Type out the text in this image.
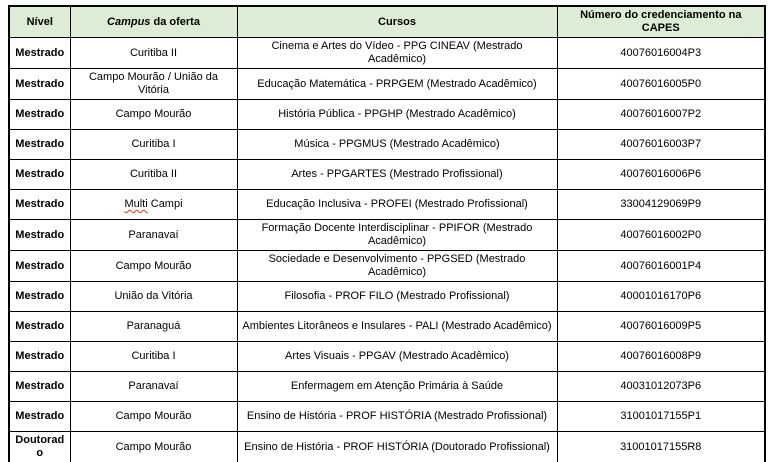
Nível	Campus da oferta	Cursos	Número do credenciamento na CAPES
Mestrado	Curitiba II	Cinema e Artes do Vídeo - PPG CINEAV (Mestrado Acadêmico)	40076016004P3
Mestrado	Campo Mourão / União da Vitória	Educação Matemática - PRPGEM (Mestrado Acadêmico)	40076016005P0
Mestrado	Campo Mourão	História Pública - PPGHP (Mestrado Acadêmico)	40076016007P2
Mestrado	Curitiba I	Música - PPGMUS (Mestrado Acadêmico)	40076016003P7
Mestrado	Curitiba II	Artes - PPGARTES (Mestrado Profissional)	40076016006P6
Mestrado	Multi Campi	Educação Inclusiva - PROFEI (Mestrado Profissional)	33004129069P9
Mestrado	Paranavaí	Formação Docente Interdisciplinar - PPIFOR (Mestrado Acadêmico)	40076016002P0
Mestrado	Campo Mourão	Sociedade e Desenvolvimento - PPGSED (Mestrado Acadêmico)	40076016001P4
Mestrado	União da Vitória	Filosofia - PROF FILO (Mestrado Profissional)	40001016170P6
Mestrado	Paranaguá	Ambientes Litorâneos e Insulares - PALI (Mestrado Acadêmico)	40076016009P5
Mestrado	Curitiba I	Artes Visuais - PPGAV (Mestrado Acadêmico)	40076016008P9
Mestrado	Paranavaí	Enfermagem em Atenção Primária à Saúde	40031012073P6
Mestrado	Campo Mourão	Ensino de História - PROF HISTÓRIA (Mestrado Profissional)	31001017155P1
Doutorado	Campo Mourão	Ensino de História - PROF HISTÓRIA (Doutorado Profissional)	31001017155R8
